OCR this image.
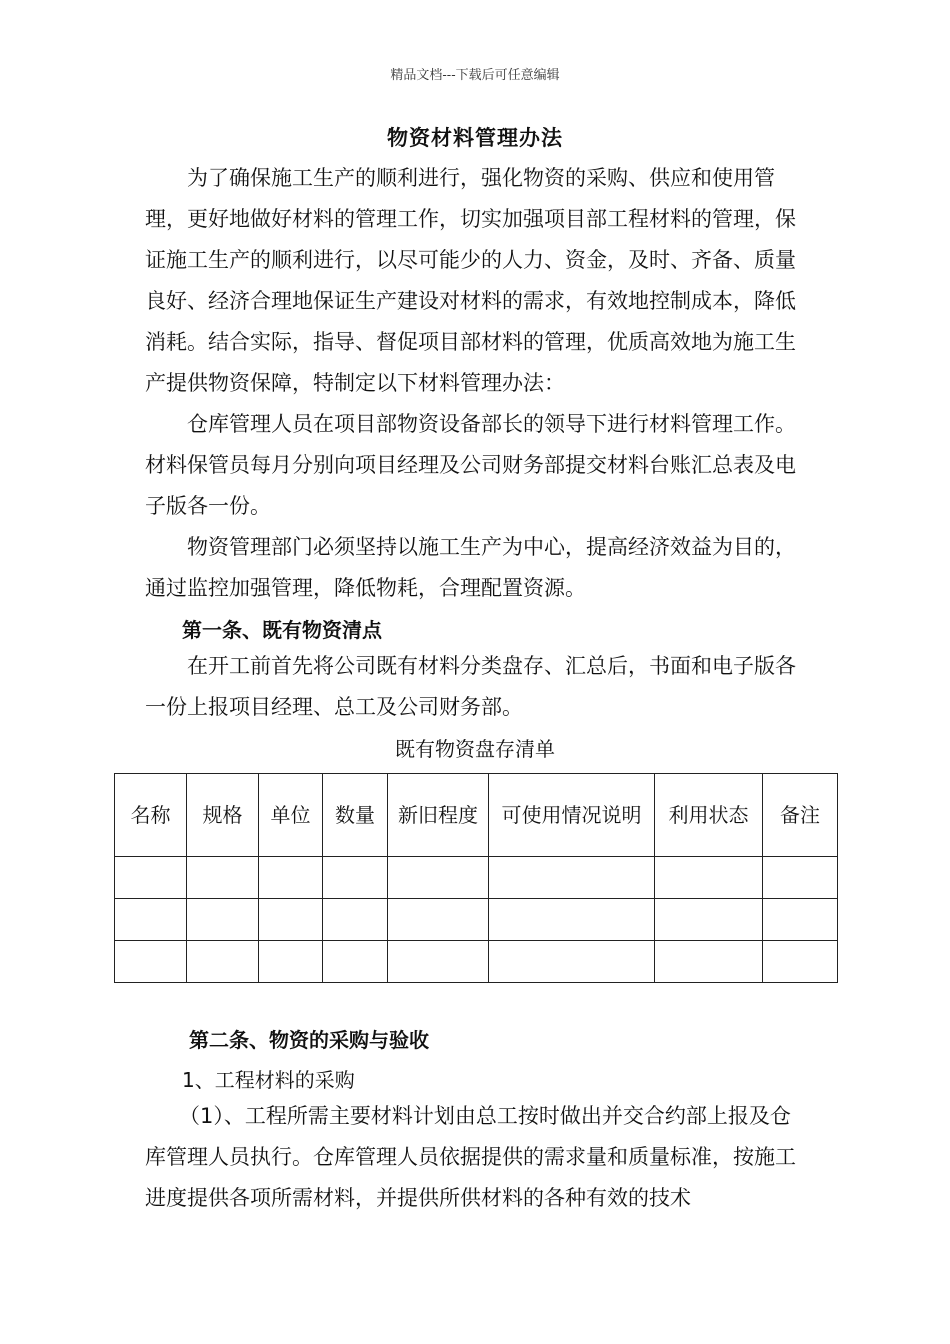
精品文档---下载后可任意编辑
物资材料管理办法

为了确保施工生产的顺利进行，强化物资的采购、供应和使用管理，更好地做好材料的管理工作，切实加强项目部工程材料的管理，保证施工生产的顺利进行，以尽可能少的人力、资金，及时、齐备、质量良好、经济合理地保证生产建设对材料的需求，有效地控制成本，降低消耗。结合实际，指导、督促项目部材料的管理，优质高效地为施工生产提供物资保障，特制定以下材料管理办法：

仓库管理人员在项目部物资设备部长的领导下进行材料管理工作。材料保管员每月分别向项目经理及公司财务部提交材料台账汇总表及电子版各一份。

物资管理部门必须坚持以施工生产为中心，提高经济效益为目的，通过监控加强管理，降低物耗，合理配置资源。

第一条、既有物资清点

在开工前首先将公司既有材料分类盘存、汇总后，书面和电子版各一份上报项目经理、总工及公司财务部。

既有物资盘存清单
名称	规格	单位	数量	新旧程度	可使用情况说明	利用状态	备注

第二条、物资的采购与验收
1、工程材料的采购

（1）、工程所需主要材料计划由总工按时做出并交合约部上报及仓库管理人员执行。仓库管理人员依据提供的需求量和质量标准，按施工进度提供各项所需材料，并提供所供材料的各种有效的技术
